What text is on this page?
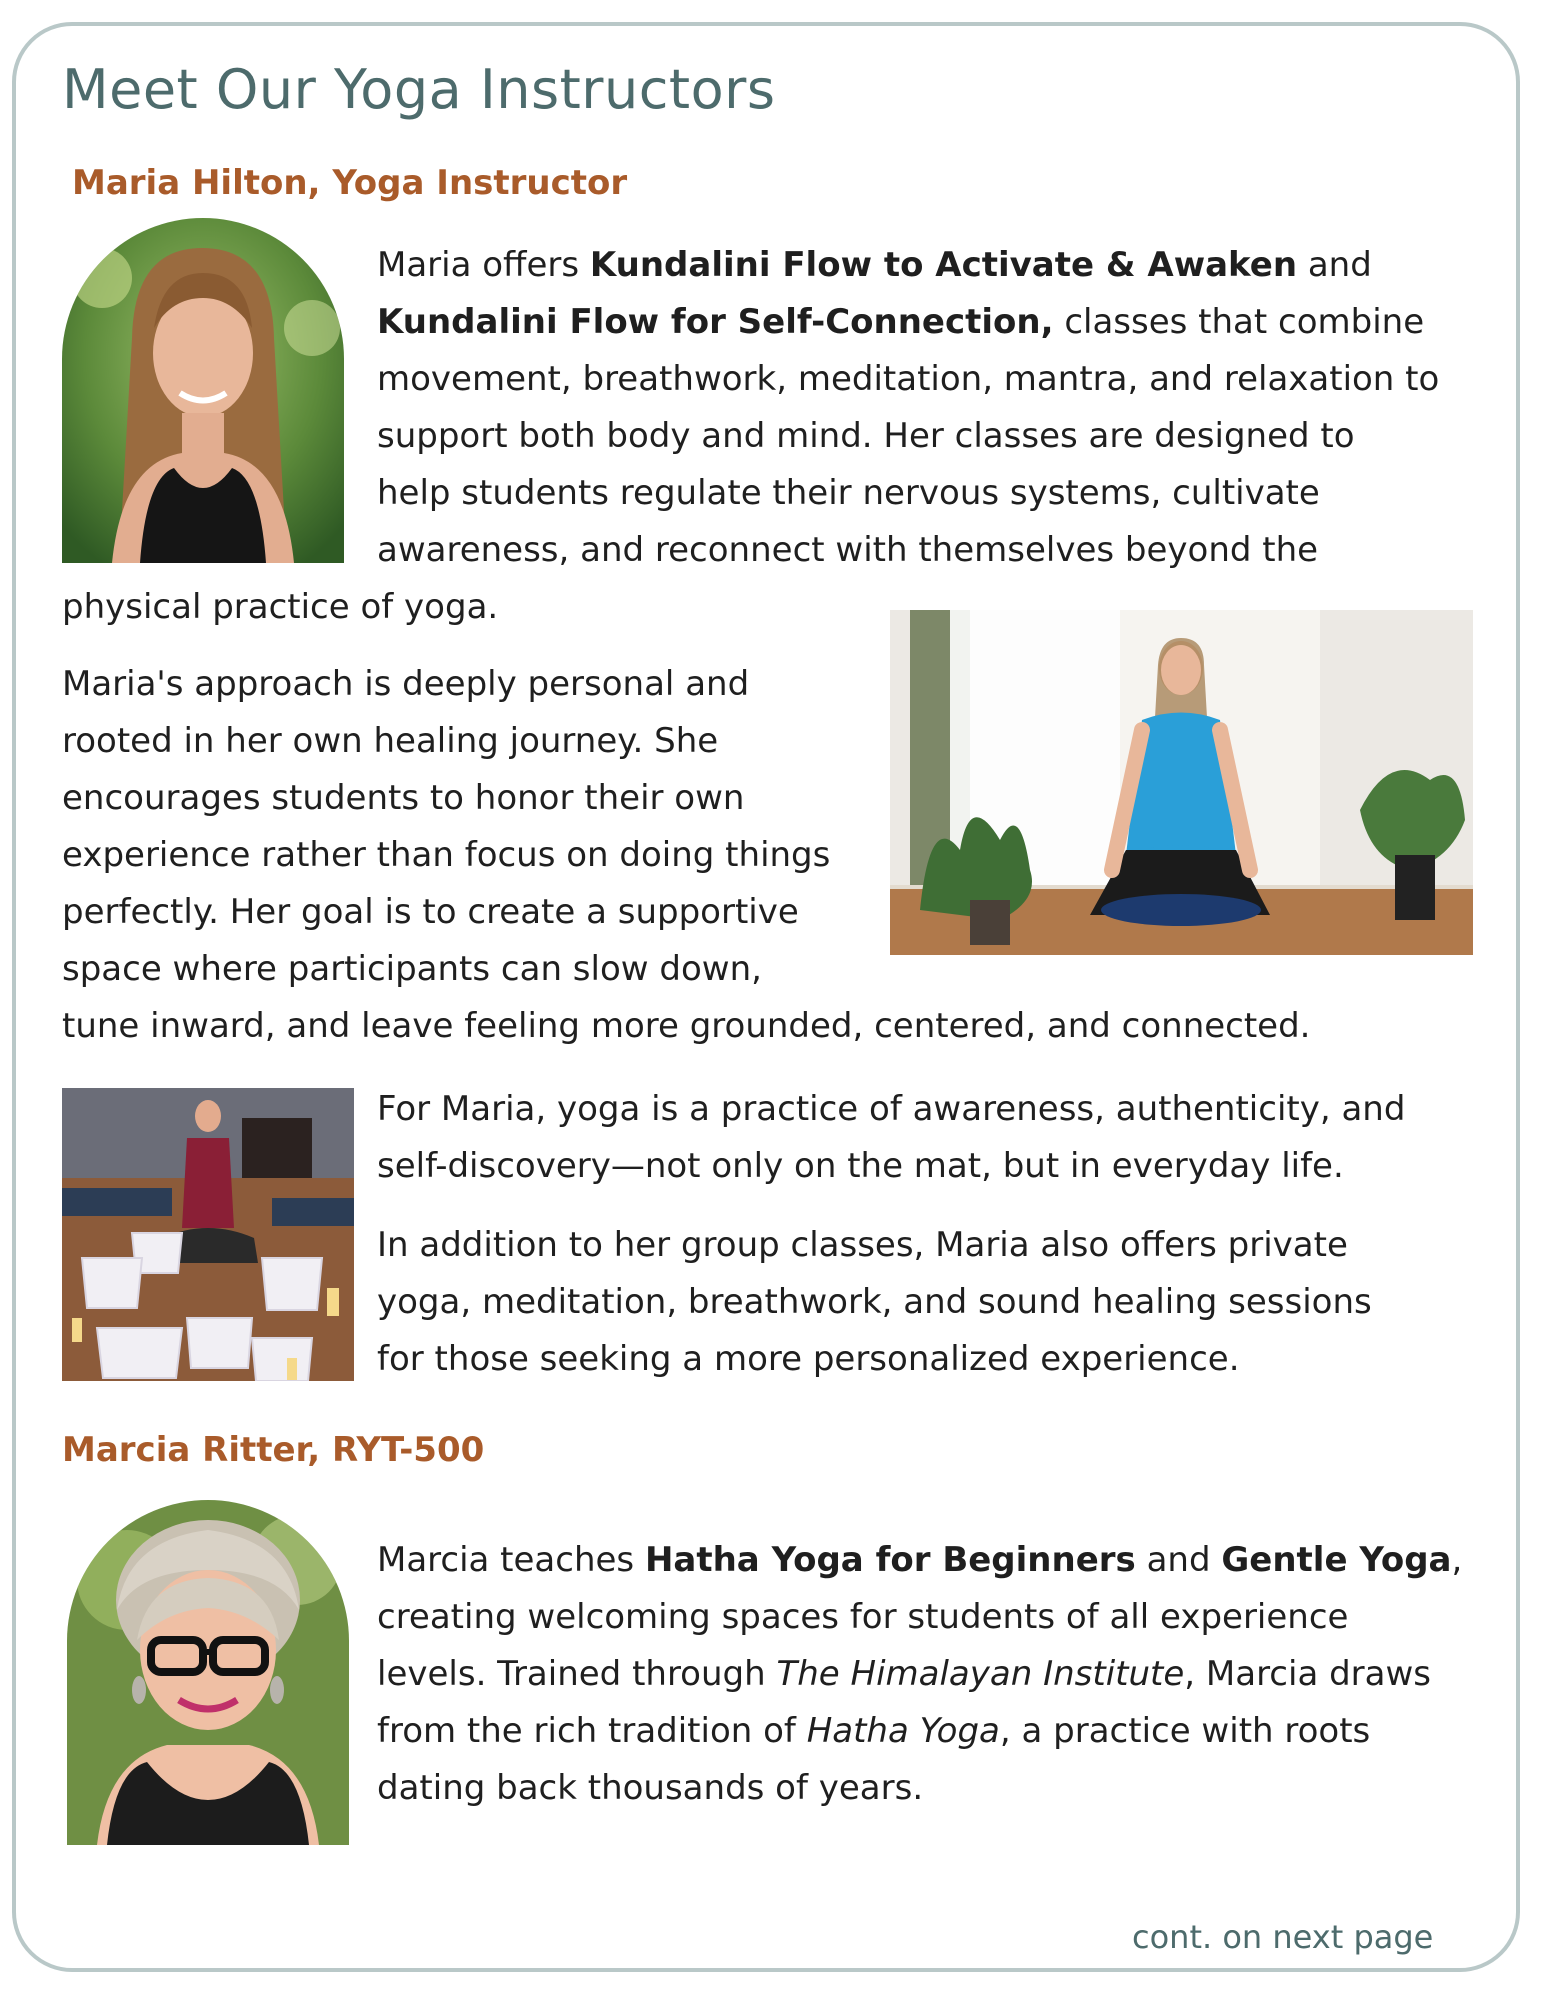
Meet Our Yoga Instructors
Maria Hilton, Yoga Instructor
Maria offers Kundalini Flow to Activate & Awaken and
Kundalini Flow for Self-Connection, classes that combine
movement, breathwork, meditation, mantra, and relaxation to
support both body and mind. Her classes are designed to
help students regulate their nervous systems, cultivate
awareness, and reconnect with themselves beyond the
physical practice of yoga.
Maria's approach is deeply personal and
rooted in her own healing journey. She
encourages students to honor their own
experience rather than focus on doing things
perfectly. Her goal is to create a supportive
space where participants can slow down,
tune inward, and leave feeling more grounded, centered, and connected.
For Maria, yoga is a practice of awareness, authenticity, and
self-discovery—not only on the mat, but in everyday life.
In addition to her group classes, Maria also offers private
yoga, meditation, breathwork, and sound healing sessions
for those seeking a more personalized experience.
Marcia Ritter, RYT-500
Marcia teaches Hatha Yoga for Beginners and Gentle Yoga,
creating welcoming spaces for students of all experience
levels. Trained through The Himalayan Institute, Marcia draws
from the rich tradition of Hatha Yoga, a practice with roots
dating back thousands of years.
cont. on next page
